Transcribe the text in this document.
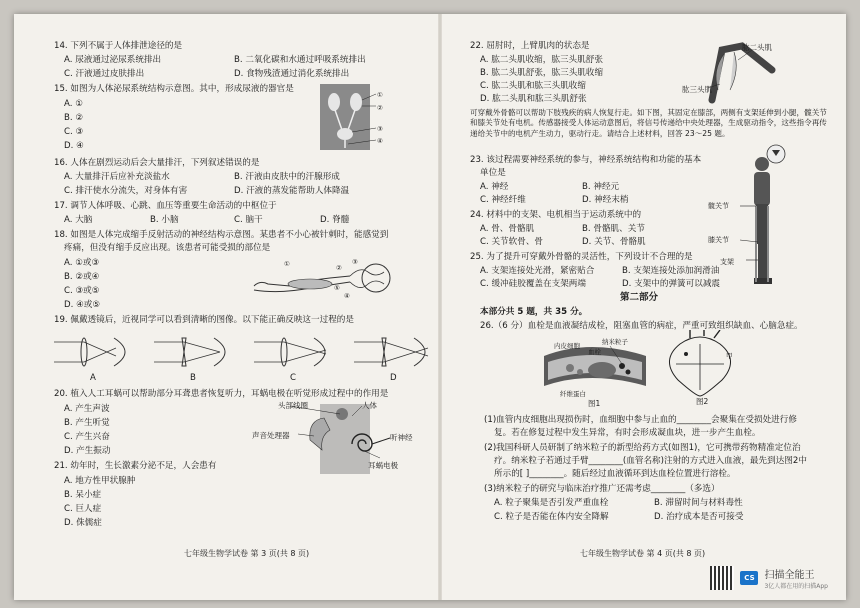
14. 下列不属于人体排泄途径的是
A. 尿液通过泌尿系统排出	B. 二氧化碳和水通过呼吸系统排出
C. 汗液通过皮肤排出	D. 食物残渣通过消化系统排出
15. 如图为人体泌尿系统结构示意图。其中，形成尿液的器官是
A. ①
B. ②
C. ③
D. ④
①
②
③
④
16. 人体在剧烈运动后会大量排汗，下列叙述错误的是
A. 大量排汗后应补充淡盐水	B. 汗液由皮肤中的汗腺形成
C. 排汗使水分流失，对身体有害	D. 汗液的蒸发能帮助人体降温
17. 调节人体呼吸、心跳、血压等重要生命活动的中枢位于
A. 大脑	B. 小脑	C. 脑干	D. 脊髓
18. 如图是人体完成缩手反射活动的神经结构示意图。某患者不小心被针刺时，能感觉到
疼痛，但没有缩手反应出现。该患者可能受损的部位是
A. ①或③
B. ②或④
C. ③或⑤
D. ④或⑤
①	②
③
④
⑤
19. 佩戴透镜后，近视同学可以看到清晰的图像。以下能正确反映这一过程的是
A	B	C	D
20. 植入人工耳蜗可以帮助部分耳聋患者恢复听力，耳蜗电极在听觉形成过程中的作用是
A. 产生声波
B. 产生听觉
C. 产生兴奋
D. 产生振动
头部线圈	人体
声音处理器	听神经
耳蜗电极
21. 幼年时，生长激素分泌不足，人会患有
A. 地方性甲状腺肿
B. 呆小症
C. 巨人症
D. 侏儒症
七年级生物学试卷 第 3 页(共 8 页)
22. 屈肘时，上臂肌肉的状态是
A. 肱二头肌收缩，肱三头肌舒张
B. 肱二头肌舒张，肱三头肌收缩
C. 肱二头肌和肱三头肌收缩
D. 肱二头肌和肱三头肌舒张
肱二头肌
肱三头肌
可穿戴外骨骼可以帮助下肢残疾的病人恢复行走。如下图，其固定在膝部，两侧有支架延伸到小腿，髋关节和膝关节处有电机。传感器接受人体运动意图后，将信号传递给中央处理器，生成驱动指令，这些指令再传递给关节中的电机产生动力，驱动行走。请结合上述材料，回答 23～25 题。
23. 该过程需要神经系统的参与，神经系统结构和功能的基本
单位是
A. 神经	B. 神经元
C. 神经纤维	D. 神经末梢
24. 材料中的支架、电机相当于运动系统中的
A. 骨、骨骼肌	B. 骨骼肌、关节
C. 关节软骨、骨	D. 关节、骨骼肌
髋关节
膝关节
支架
25. 为了提升可穿戴外骨骼的灵活性，下列设计不合理的是
A. 支架连接处光滑，紧密贴合	B. 支架连接处添加润滑油
C. 缓冲硅胶覆盖在支架两端	D. 支架中的弹簧可以减震
第二部分
本部分共 5 题，共 35 分。
26.（6 分）血栓是血液凝结成栓，阻塞血管的病症，严重可致组织缺血、心脑急症。
内皮细胞
血栓
纳米粒子
纤维蛋白
图1
甲
图2
(1)血管内皮细胞出现损伤时，血细胞中参与止血的________会聚集在受损处进行修
复。若在修复过程中发生异常，有时会形成凝血块，进一步产生血栓。
(2)我国科研人员研制了纳米粒子的新型给药方式(如图1)，它可携带药物精准定位治
疗。纳米粒子若通过手臂________(血管名称)注射的方式进入血液，最先到达图2中
所示的[ ]________。随后经过血液循环到达血栓位置进行溶栓。
(3)纳米粒子的研究与临床治疗推广还需考虑________（多选）
A. 粒子聚集是否引发严重血栓	B. 滞留时间与材料毒性
C. 粒子是否能在体内安全降解	D. 治疗成本是否可接受
七年级生物学试卷 第 4 页(共 8 页)
CS 扫描全能王
3亿人都在用的扫描App
